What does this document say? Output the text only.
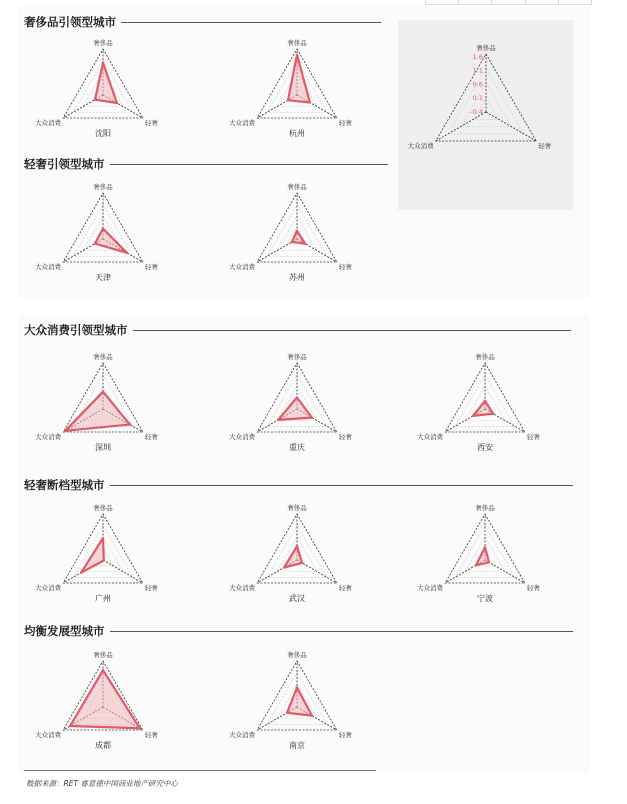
奢侈品引领型城市
轻奢引领型城市
大众消费引领型城市
轻奢断档型城市
均衡发展型城市
奢侈品
轻奢
大众消费
沈阳
奢侈品
轻奢
大众消费
杭州
奢侈品
轻奢
大众消费
天津
奢侈品
轻奢
大众消费
苏州
奢侈品
轻奢
大众消费
深圳
奢侈品
轻奢
大众消费
重庆
奢侈品
轻奢
大众消费
西安
奢侈品
轻奢
大众消费
广州
奢侈品
轻奢
大众消费
武汉
奢侈品
轻奢
大众消费
宁波
奢侈品
轻奢
大众消费
成都
奢侈品
轻奢
大众消费
南京
奢侈品
轻奢
大众消费
1.6
1.1
0.6
0.1
-0.4
数据来源：RET 睿意德中国商业地产研究中心
